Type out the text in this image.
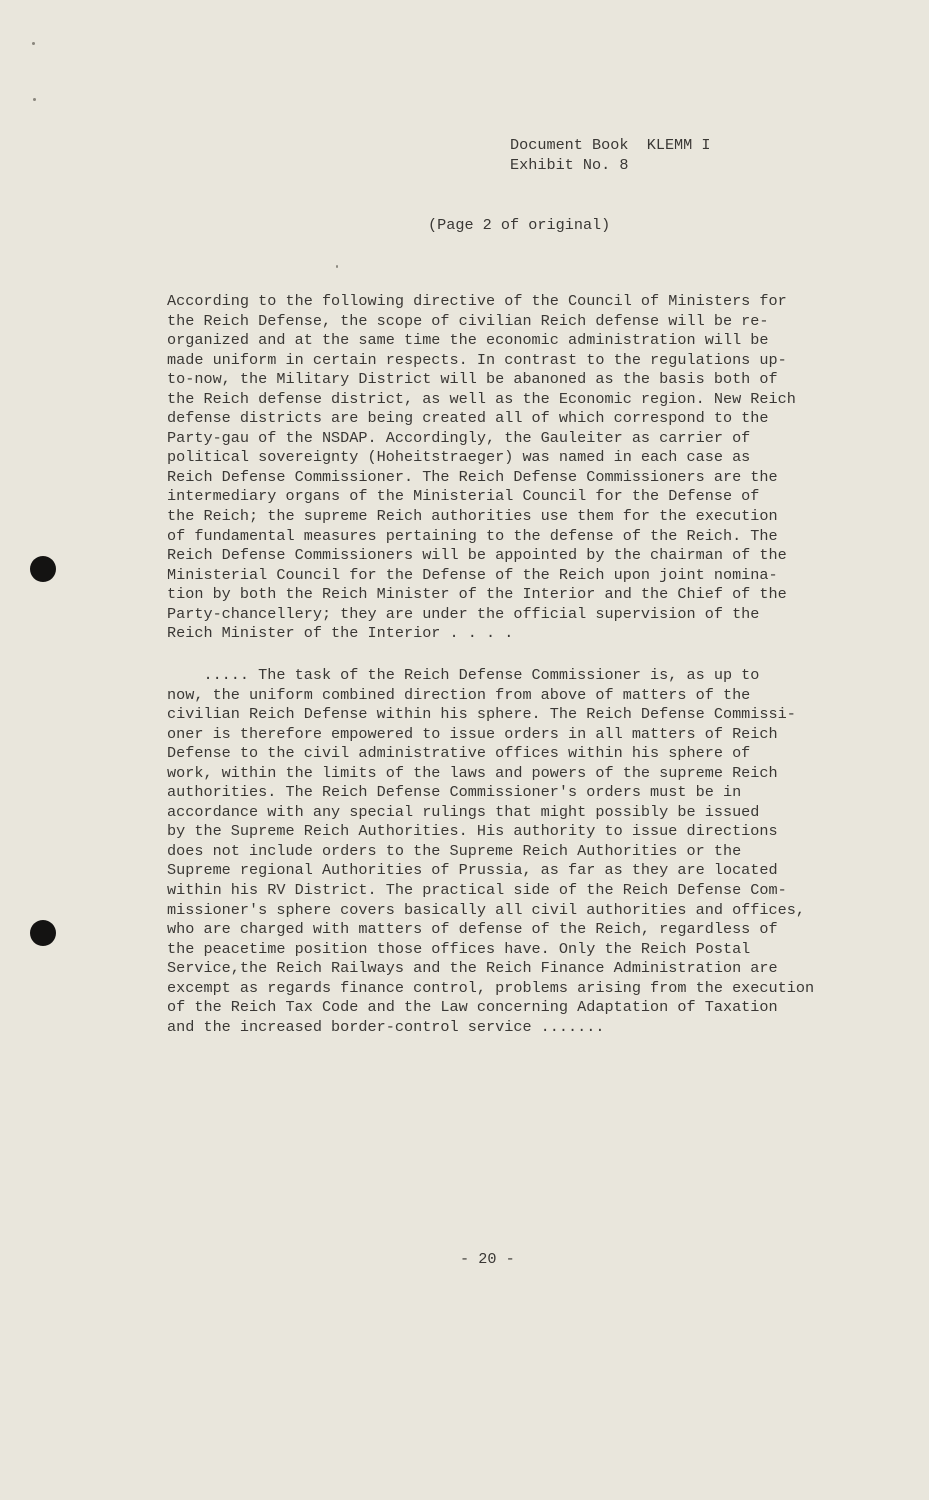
Document Book  KLEMM I
Exhibit No. 8
(Page 2 of original)
According to the following directive of the Council of Ministers for
the Reich Defense, the scope of civilian Reich defense will be re-
organized and at the same time the economic administration will be
made uniform in certain respects. In contrast to the regulations up-
to-now, the Military District will be abanoned as the basis both of
the Reich defense district, as well as the Economic region. New Reich
defense districts are being created all of which correspond to the
Party-gau of the NSDAP. Accordingly, the Gauleiter as carrier of
political sovereignty (Hoheitstraeger) was named in each case as
Reich Defense Commissioner. The Reich Defense Commissioners are the
intermediary organs of the Ministerial Council for the Defense of
the Reich; the supreme Reich authorities use them for the execution
of fundamental measures pertaining to the defense of the Reich. The
Reich Defense Commissioners will be appointed by the chairman of the
Ministerial Council for the Defense of the Reich upon joint nomina-
tion by both the Reich Minister of the Interior and the Chief of the
Party-chancellery; they are under the official supervision of the
Reich Minister of the Interior . . . .
..... The task of the Reich Defense Commissioner is, as up to
now, the uniform combined direction from above of matters of the
civilian Reich Defense within his sphere. The Reich Defense Commissi-
oner is therefore empowered to issue orders in all matters of Reich
Defense to the civil administrative offices within his sphere of
work, within the limits of the laws and powers of the supreme Reich
authorities. The Reich Defense Commissioner's orders must be in
accordance with any special rulings that might possibly be issued
by the Supreme Reich Authorities. His authority to issue directions
does not include orders to the Supreme Reich Authorities or the
Supreme regional Authorities of Prussia, as far as they are located
within his RV District. The practical side of the Reich Defense Com-
missioner's sphere covers basically all civil authorities and offices,
who are charged with matters of defense of the Reich, regardless of
the peacetime position those offices have. Only the Reich Postal
Service,the Reich Railways and the Reich Finance Administration are
excempt as regards finance control, problems arising from the execution
of the Reich Tax Code and the Law concerning Adaptation of Taxation
and the increased border-control service .......
- 20 -
